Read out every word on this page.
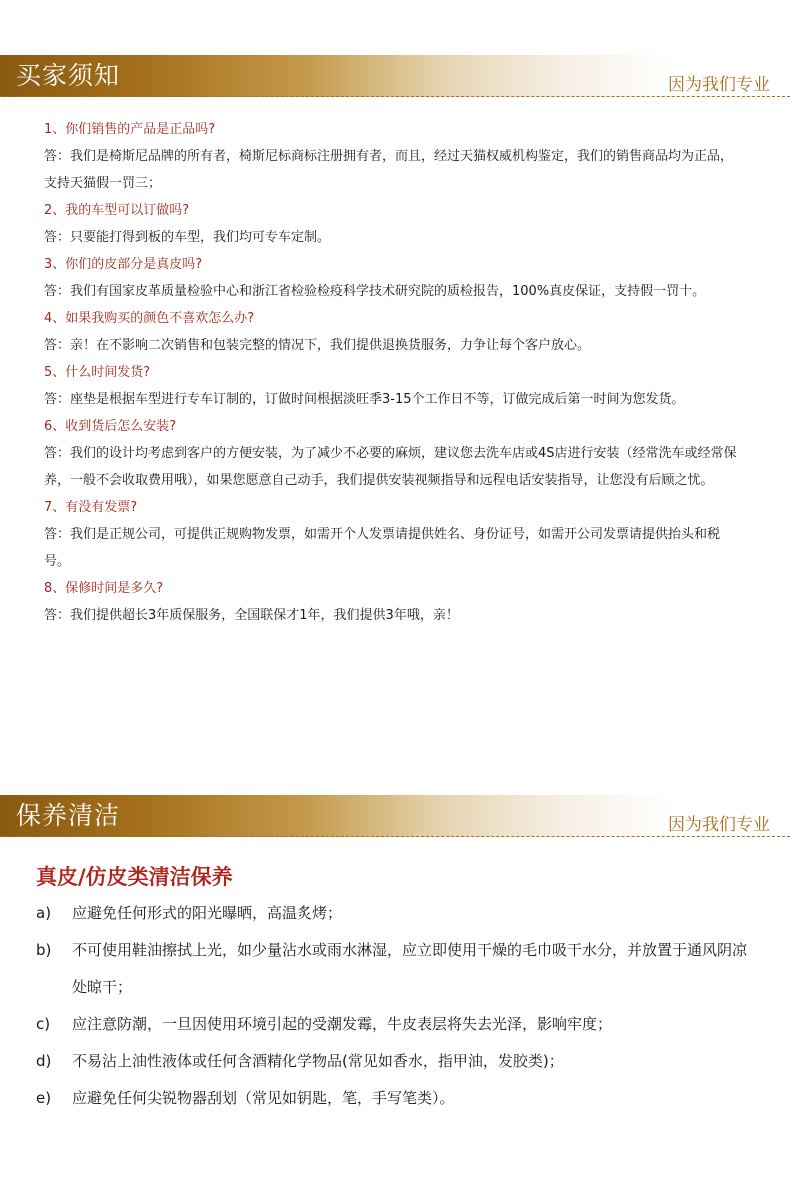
买家须知	因为我们专业
1、你们销售的产品是正品吗?
答：我们是椅斯尼品牌的所有者，椅斯尼标商标注册拥有者，而且，经过天猫权威机构鉴定，我们的销售商品均为正品，支持天猫假一罚三；
2、我的车型可以订做吗?
答：只要能打得到板的车型，我们均可专车定制。
3、你们的皮部分是真皮吗?
答：我们有国家皮革质量检验中心和浙江省检验检疫科学技术研究院的质检报告，100%真皮保证，支持假一罚十。
4、如果我购买的颜色不喜欢怎么办?
答：亲！在不影响二次销售和包装完整的情况下，我们提供退换货服务，力争让每个客户放心。
5、什么时间发货?
答：座垫是根据车型进行专车订制的，订做时间根据淡旺季3-15个工作日不等，订做完成后第一时间为您发货。
6、收到货后怎么安装?
答：我们的设计均考虑到客户的方便安装，为了减少不必要的麻烦，建议您去洗车店或4S店进行安装（经常洗车或经常保养，一般不会收取费用哦），如果您愿意自己动手，我们提供安装视频指导和远程电话安装指导，让您没有后顾之忧。
7、有没有发票?
答：我们是正规公司，可提供正规购物发票，如需开个人发票请提供姓名、身份证号，如需开公司发票请提供抬头和税号。
8、保修时间是多久?
答：我们提供超长3年质保服务，全国联保才1年，我们提供3年哦，亲！
保养清洁	因为我们专业
真皮/仿皮类清洁保养
a) 应避免任何形式的阳光曝晒，高温炙烤；
b) 不可使用鞋油擦拭上光，如少量沾水或雨水淋湿，应立即使用干燥的毛巾吸干水分，并放置于通风阴凉处晾干；
c) 应注意防潮，一旦因使用环境引起的受潮发霉，牛皮表层将失去光泽，影响牢度；
d) 不易沾上油性液体或任何含酒精化学物品(常见如香水，指甲油，发胶类)；
e) 应避免任何尖锐物器刮划（常见如钥匙，笔，手写笔类）。
